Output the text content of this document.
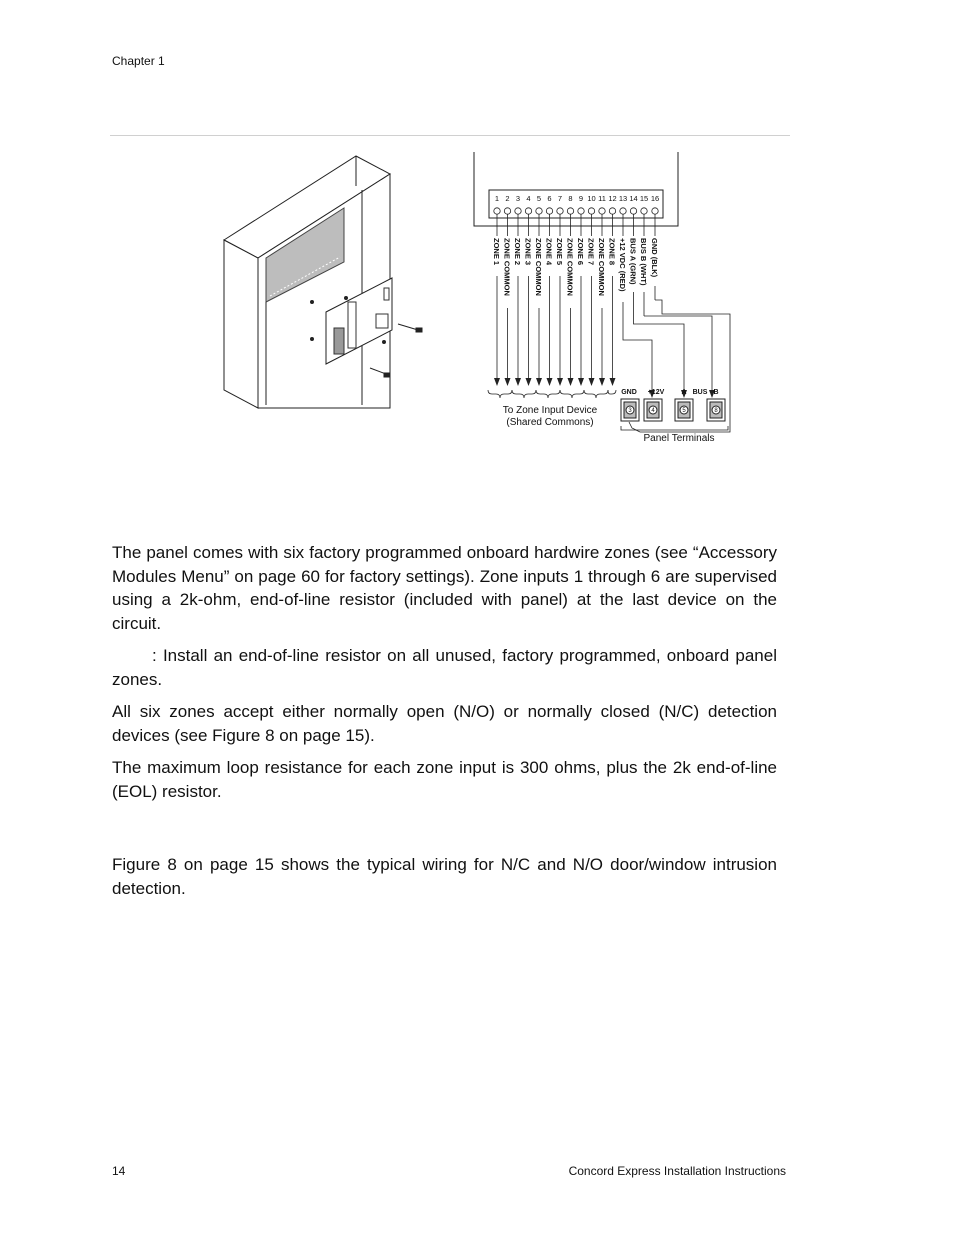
Chapter 1
1 2 3 4 5 6 7 8 9 10 11 12 13 14 15 16
ZONE 1 ZONE COMMON ZONE 2 ZONE 3 ZONE COMMON ZONE 4 ZONE 5 ZONE COMMON ZONE 6 ZONE 7 ZONE COMMON ZONE 8 +12 VDC (RED) BUS A (GRN) BUS B (WHT) GND (BLK)
To Zone Input Device
(Shared Commons)
GND +12V A BUS B
3	4	5	8
Panel Terminals

The panel comes with six factory programmed onboard hardwire zones (see “Accessory Modules Menu” on page 60 for factory settings). Zone inputs 1 through 6 are supervised using a 2k-ohm, end-of-line resistor (included with panel) at the last device on the circuit.

: Install an end-of-line resistor on all unused, factory programmed, onboard panel zones.

All six zones accept either normally open (N/O) or normally closed (N/C) detection devices (see Figure 8 on page 15).

The maximum loop resistance for each zone input is 300 ohms, plus the 2k end-of-line (EOL) resistor.

Figure 8 on page 15 shows the typical wiring for N/C and N/O door/window intrusion detection.

14	Concord Express Installation Instructions
